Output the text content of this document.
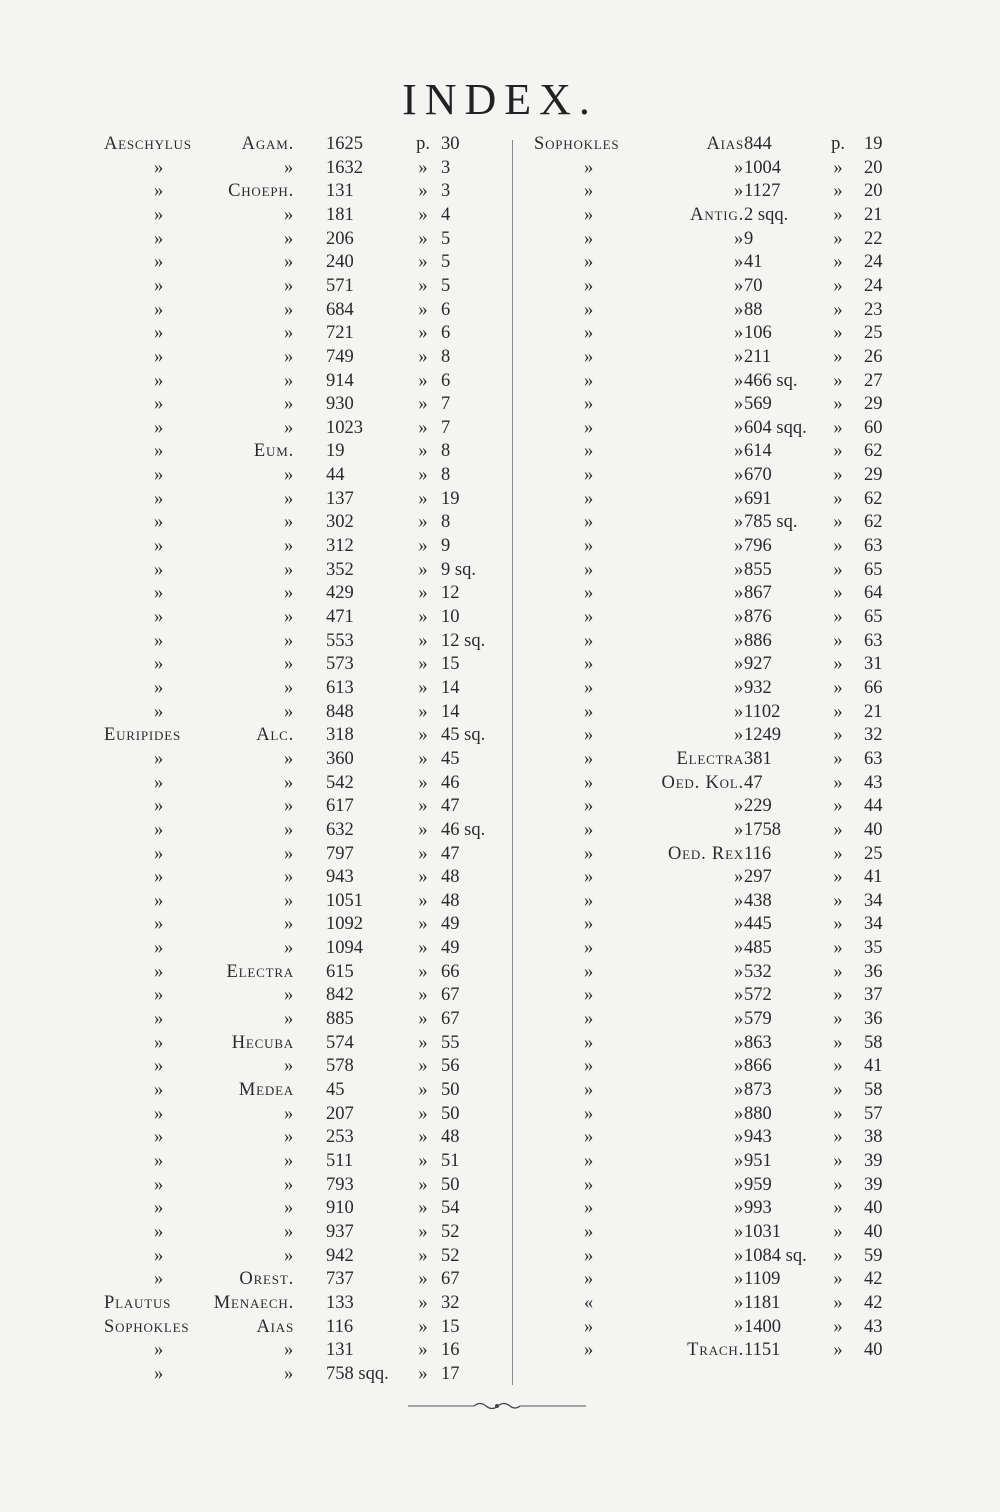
INDEX.
Aeschylus	Agam. 1625	p. 30
»	» 1632	» 3
»	Choeph. 131	» 3
»	» 181	» 4
»	» 206	» 5
»	» 240	» 5
»	» 571	» 5
»	» 684	» 6
»	» 721	» 6
»	» 749	» 8
»	» 914	» 6
»	» 930	» 7
»	» 1023	» 7
»	Eum. 19	» 8
»	» 44	» 8
»	» 137	» 19
»	» 302	» 8
»	» 312	» 9
»	» 352	» 9 sq.
»	» 429	» 12
»	» 471	» 10
»	» 553	» 12 sq.
»	» 573	» 15
»	» 613	» 14
»	» 848	» 14
Euripides	Alc. 318	» 45 sq.
»	» 360	» 45
»	» 542	» 46
»	» 617	» 47
»	» 632	» 46 sq.
»	» 797	» 47
»	» 943	» 48
»	» 1051	» 48
»	» 1092	» 49
»	» 1094	» 49
»	Electra 615	» 66
»	» 842	» 67
»	» 885	» 67
»	Hecuba 574	» 55
»	» 578	» 56
»	Medea 45	» 50
»	» 207	» 50
»	» 253	» 48
»	» 511	» 51
»	» 793	» 50
»	» 910	» 54
»	» 937	» 52
»	» 942	» 52
»	Orest. 737	» 67
Plautus	Menaech. 133	» 32
Sophokles	Aias 116	» 15
»	» 131	» 16
»	» 758 sqq.	» 17
Sophokles	Aias 844	p. 19
»	» 1004	»	20
»	» 1127	»	20
»	Antig. 2 sqq.	»	21
»	» 9	»	22
»	» 41	»	24
»	» 70	»	24
»	» 88	»	23
»	» 106	»	25
»	» 211	»	26
»	» 466 sq.	»	27
»	» 569	»	29
»	» 604 sqq.	»	60
»	» 614	»	62
»	» 670	»	29
»	» 691	»	62
»	» 785 sq.	»	62
»	» 796	»	63
»	» 855	»	65
»	» 867	»	64
»	» 876	»	65
»	» 886	»	63
»	» 927	»	31
»	» 932	»	66
»	» 1102	»	21
»	» 1249	»	32
»	Electra 381	»	63
»	Oed. Kol. 47	»	43
»	» 229	»	44
»	» 1758	»	40
»	Oed. Rex 116	»	25
»	» 297	»	41
»	» 438	»	34
»	» 445	»	34
»	» 485	»	35
»	» 532	»	36
»	» 572	»	37
»	» 579	»	36
»	» 863	»	58
»	» 866	»	41
»	» 873	»	58
»	» 880	»	57
»	» 943	»	38
»	» 951	»	39
»	» 959	»	39
»	» 993	»	40
»	» 1031	»	40
»	» 1084 sq.	»	59
»	» 1109	»	42
«	» 1181	»	42
»	» 1400	»	43
»	Trach. 1151	»	40
